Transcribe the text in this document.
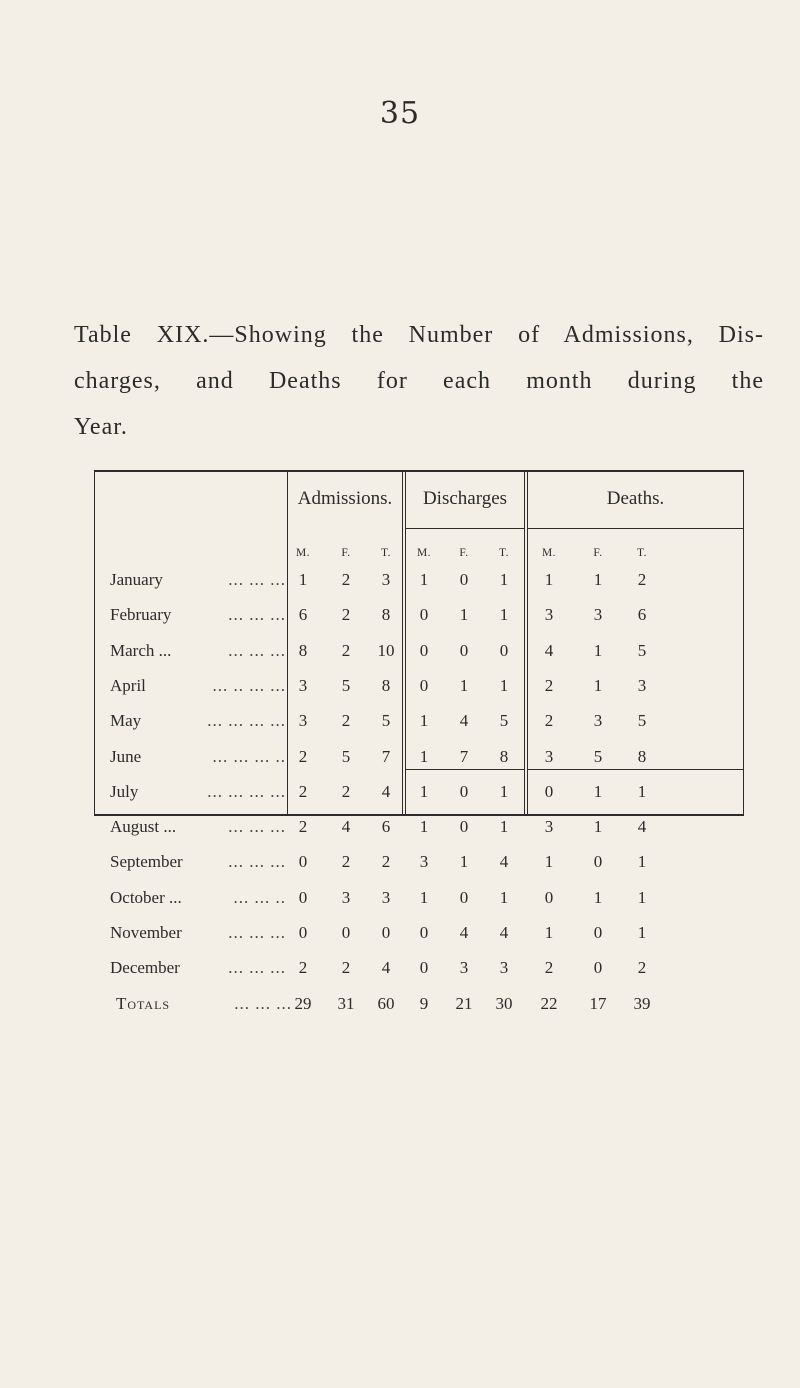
35
Table XIX.—Showing the Number of Admissions, Dis-
charges, and Deaths for each month during the
Year.
Admissions.	Discharges	Deaths.
M.	F.	T.	M.	F.	T.	M.	F.	T.
January	... ... ... 1	2	3	1	0	1	1	1	2
February	... ... ... 6	2	8	0	1	1	3	3	6
March ...	... ... ... 8	2	10	0	0	0	4	1	5
April	... .. ... ... 3	5	8	0	1	1	2	1	3
May	... ... ... ... 3	2	5	1	4	5	2	3	5
June	... ... ... .. 2	5	7	1	7	8	3	5	8
July	... ... ... ... 2	2	4	1	0	1	0	1	1
August ...	... ... ... 2	4	6	1	0	1	3	1	4
September	... ... ... 0	2	2	3	1	4	1	0	1
October ...	... ... .. 0	3	3	1	0	1	0	1	1
November	... ... ... 0	0	0	0	4	4	1	0	1
December	... ... ... 2	2	4	0	3	3	2	0	2
Totals	... ... ... 29	31	60	9	21	30	22	17	39
